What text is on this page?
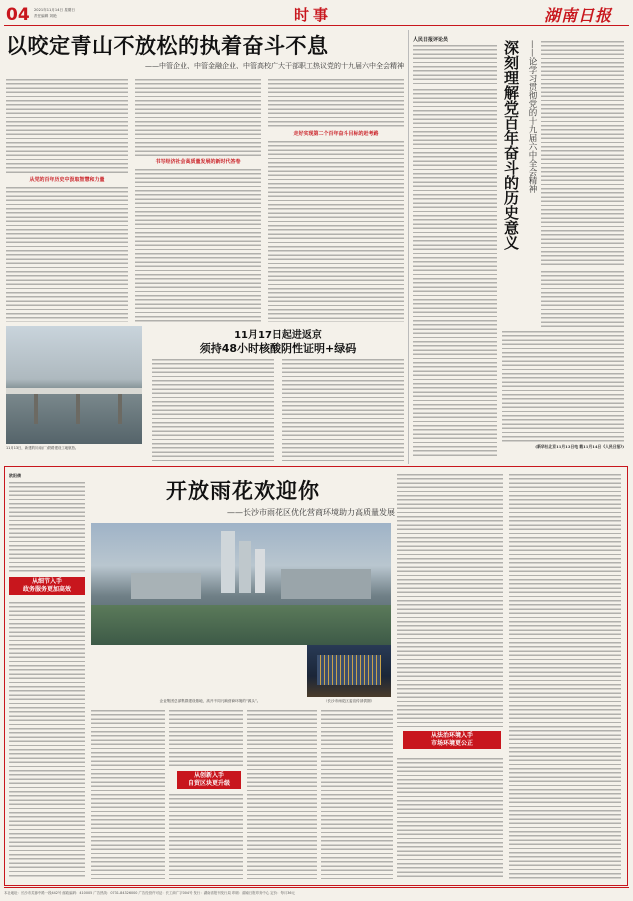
04 2021年11月14日 星期日
责任编辑 刘艳	时事	湖南日报
以咬定青山不放松的执着奋斗不息
——中管企业、中管金融企业、中管高校广大干部职工热议党的十九届六中全会精神
从党的百年历史中汲取智慧和力量
书写经济社会高质量发展的新时代答卷
走好实现第二个百年奋斗目标的赶考路
人民日报评论员	深刻理解党百年奋斗的历史意义 ——论学习贯彻党的十九届六中全会精神
(新华社北京11月13日电 载11月14日《人民日报》)
11月13日，新建的川南(厂)铁路建设工地航拍。
11月17日起进返京
须持48小时核酸阴性证明+绿码
欧阳倩
从细节入手
政务服务更加高效
开放雨花欢迎你
——长沙市雨花区优化营商环境助力高质量发展
企业集团总部集群建设基地，高开不同凡响营商环境的“源头”。	（长沙市雨花区委宣传部供图）
从创新入手
自贸区块更升级
从法治环境入手
市场环境更公正
本社地址：长沙市芙蓉中路一段442号 邮政编码：410005 广告热线：0731-84326000 广告经营许可证：长工商广字004号 发行：湖南省报刊发行局 印刷：湖南日报印务中心 定价：每月36元
